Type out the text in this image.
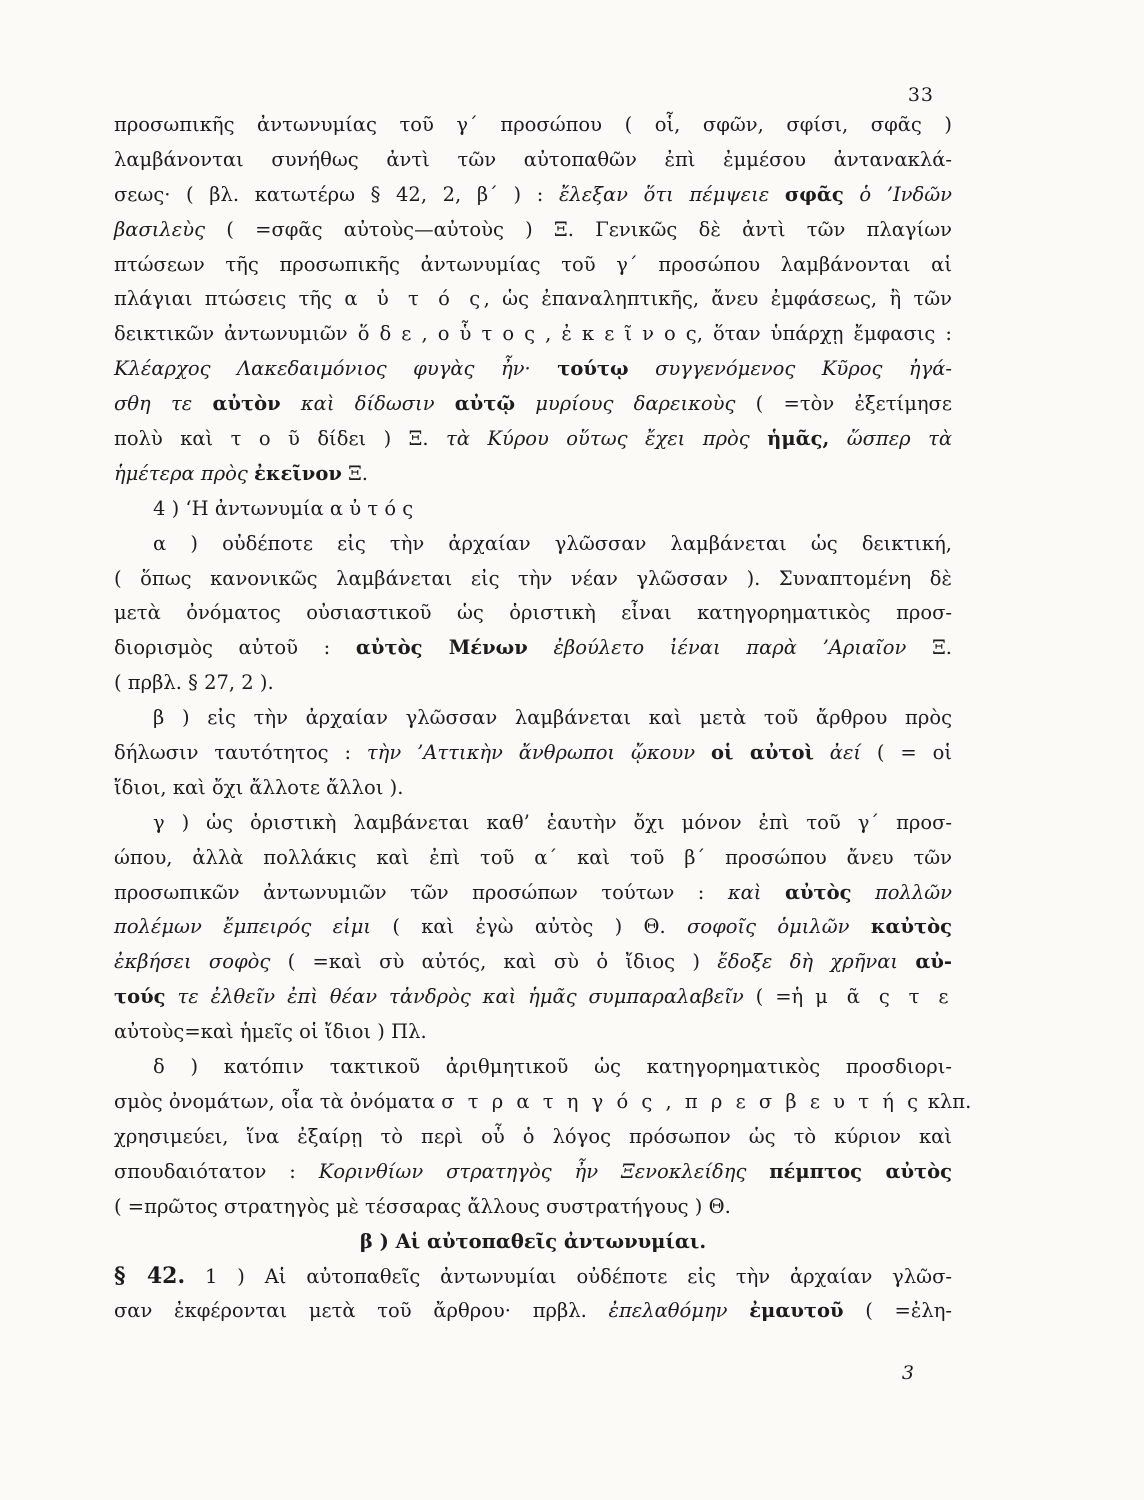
33
προσωπικῆς ἀντωνυμίας τοῦ γ΄ προσώπου ( οἷ, σφῶν, σφίσι, σφᾶς )
λαμβάνονται συνήθως ἀντὶ τῶν αὐτοπαθῶν ἐπὶ ἐμμέσου ἀντανακλά-
σεως· ( βλ. κατωτέρω § 42, 2, β΄ ) : ἔλεξαν ὅτι πέμψειε σφᾶς ὁ ’Ινδῶν
βασιλεὺς ( =σφᾶς αὐτοὺς—αὐτοὺς ) Ξ. Γενικῶς δὲ ἀντὶ τῶν πλαγίων
πτώσεων τῆς προσωπικῆς ἀντωνυμίας τοῦ γ΄ προσώπου λαμβάνονται αἱ
πλάγιαι πτώσεις τῆς α ὐ τ ό ς, ὡς ἐπαναληπτικῆς, ἄνευ ἐμφάσεως, ἢ τῶν
δεικτικῶν ἀντωνυμιῶν ὅ δ ε , ο ὗ τ ο ς , ἐ κ ε ῖ ν ο ς, ὅταν ὑπάρχῃ ἔμφασις :
Κλέαρχος Λακεδαιμόνιος φυγὰς ἦν· τούτῳ συγγενόμενος Κῦρος ἠγά-
σθη τε αὐτὸν καὶ δίδωσιν αὐτῷ μυρίους δαρεικοὺς ( =τὸν ἐξετίμησε
πολὺ καὶ τ ο ῦ δίδει ) Ξ. τὰ Κύρου οὕτως ἔχει πρὸς ἡμᾶς, ὥσπερ τὰ
ἡμέτερα πρὸς ἐκεῖνον Ξ.
4 ) ‘Η ἀντωνυμία α ὐ τ ό ς
α ) οὐδέποτε εἰς τὴν ἀρχαίαν γλῶσσαν λαμβάνεται ὡς δεικτική,
( ὅπως κανονικῶς λαμβάνεται εἰς τὴν νέαν γλῶσσαν ). Συναπτομένη δὲ
μετὰ ὀνόματος οὐσιαστικοῦ ὡς ὁριστικὴ εἶναι κατηγορηματικὸς προσ-
διορισμὸς αὐτοῦ : αὐτὸς Μένων ἐβούλετο ἰέναι παρὰ ’Αριαῖον Ξ.
( πρβλ. § 27, 2 ).
β ) εἰς τὴν ἀρχαίαν γλῶσσαν λαμβάνεται καὶ μετὰ τοῦ ἄρθρου πρὸς
δήλωσιν ταυτότητος : τὴν ’Αττικὴν ἄνθρωποι ᾤκουν οἱ αὐτοὶ ἀεί ( = οἱ
ἴδιοι, καὶ ὄχι ἄλλοτε ἄλλοι ).
γ ) ὡς ὁριστικὴ λαμβάνεται καθ’ ἑαυτὴν ὄχι μόνον ἐπὶ τοῦ γ΄ προσ-
ώπου, ἀλλὰ πολλάκις καὶ ἐπὶ τοῦ α΄ καὶ τοῦ β΄ προσώπου ἄνευ τῶν
προσωπικῶν ἀντωνυμιῶν τῶν προσώπων τούτων : καὶ αὐτὸς πολλῶν
πολέμων ἔμπειρός εἰμι ( καὶ ἐγὼ αὐτὸς ) Θ. σοφοῖς ὁμιλῶν καὐτὸς
ἐκβήσει σοφὸς ( =καὶ σὺ αὐτός, καὶ σὺ ὁ ἴδιος ) ἔδοξε δὴ χρῆναι αὐ-
τούς τε ἐλθεῖν ἐπὶ θέαν τἀνδρὸς καὶ ἡμᾶς συμπαραλαβεῖν ( =ἡ μ ᾶ ς τ ε
αὐτοὺς=καὶ ἡμεῖς οἱ ἴδιοι ) Πλ.
δ ) κατόπιν τακτικοῦ ἀριθμητικοῦ ὡς κατηγορηματικὸς προσδιορι-
σμὸς ὀνομάτων, οἷα τὰ ὀνόματα σ τ ρ α τ η γ ό ς , π ρ ε σ β ε υ τ ή ς κλπ.
χρησιμεύει, ἵνα ἐξαίρῃ τὸ περὶ οὗ ὁ λόγος πρόσωπον ὡς τὸ κύριον καὶ
σπουδαιότατον : Κορινθίων στρατηγὸς ἦν Ξενοκλείδης πέμπτος αὐτὸς
( =πρῶτος στρατηγὸς μὲ τέσσαρας ἄλλους συστρατήγους ) Θ.
β ) Αἱ αὐτοπαθεῖς ἀντωνυμίαι.
§ 42. 1 ) Αἱ αὐτοπαθεῖς ἀντωνυμίαι οὐδέποτε εἰς τὴν ἀρχαίαν γλῶσ-
σαν ἐκφέρονται μετὰ τοῦ ἄρθρου· πρβλ. ἐπελαθόμην ἐμαυτοῦ ( =ἐλη-
3
